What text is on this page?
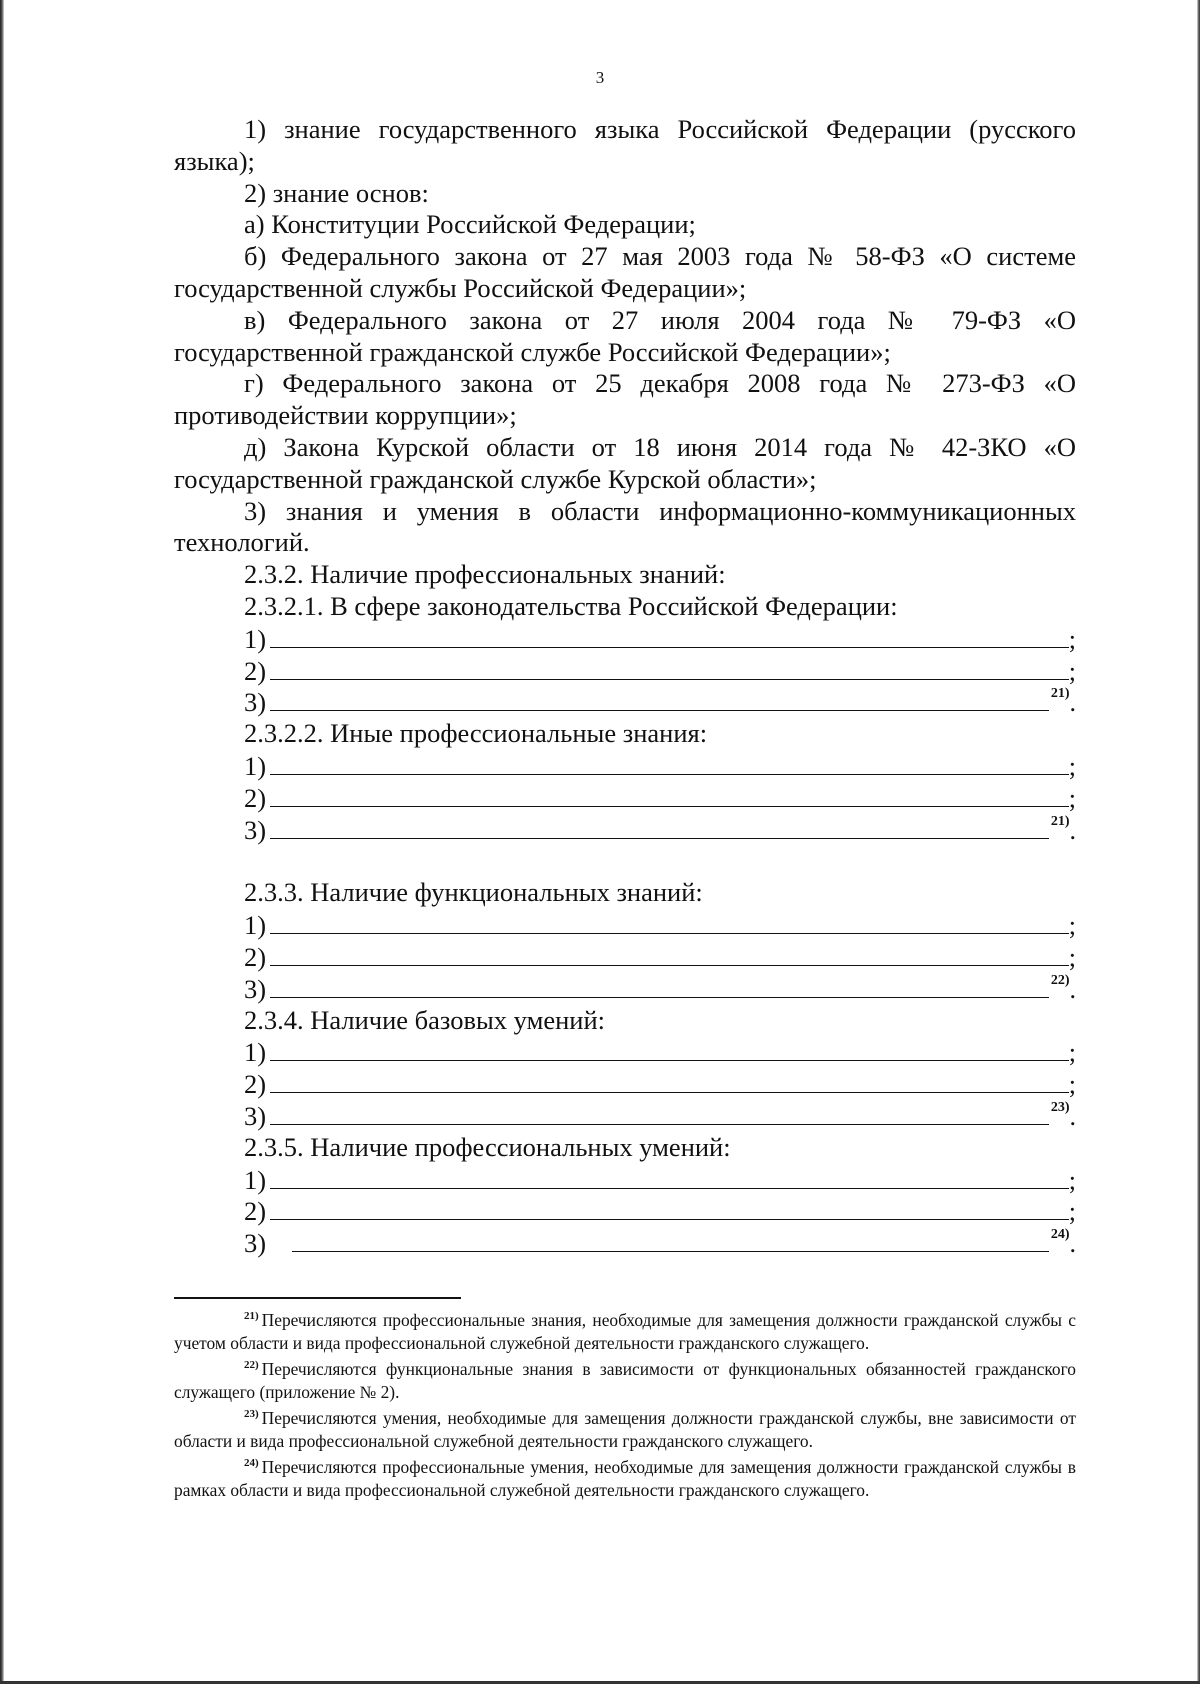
3

1) знание государственного языка Российской Федерации (русского языка);

2) знание основ:

а) Конституции Российской Федерации;

б) Федерального закона от 27 мая 2003 года № 58-ФЗ «О системе государственной службы Российской Федерации»;

в) Федерального закона от 27 июля 2004 года № 79-ФЗ «О государственной гражданской службе Российской Федерации»;

г) Федерального закона от 25 декабря 2008 года № 273-ФЗ «О противодействии коррупции»;

д) Закона Курской области от 18 июня 2014 года № 42-ЗКО «О государственной гражданской службе Курской области»;

3) знания и умения в области информационно-коммуникационных технологий.

2.3.2. Наличие профессиональных знаний:

2.3.2.1. В сфере законодательства Российской Федерации:

1)	;
2)	;
3)	21) .

2.3.2.2. Иные профессиональные знания:

1)	;
2)	;
3)	21) .

2.3.3. Наличие функциональных знаний:

1)	;
2)	;
3)	22) .

2.3.4. Наличие базовых умений:

1)	;
2)	;
3)	23) .

2.3.5. Наличие профессиональных умений:

1)	;
2)	;
3)	24) .

$^{21)}$ Перечисляются профессиональные знания, необходимые для замещения должности гражданской службы с учетом области и вида профессиональной служебной деятельности гражданского служащего.

$^{22)}$ Перечисляются функциональные знания в зависимости от функциональных обязанностей гражданского служащего (приложение № 2).

$^{23)}$ Перечисляются умения, необходимые для замещения должности гражданской службы, вне зависимости от области и вида профессиональной служебной деятельности гражданского служащего.

$^{24)}$ Перечисляются профессиональные умения, необходимые для замещения должности гражданской службы в рамках области и вида профессиональной служебной деятельности гражданского служащего.
